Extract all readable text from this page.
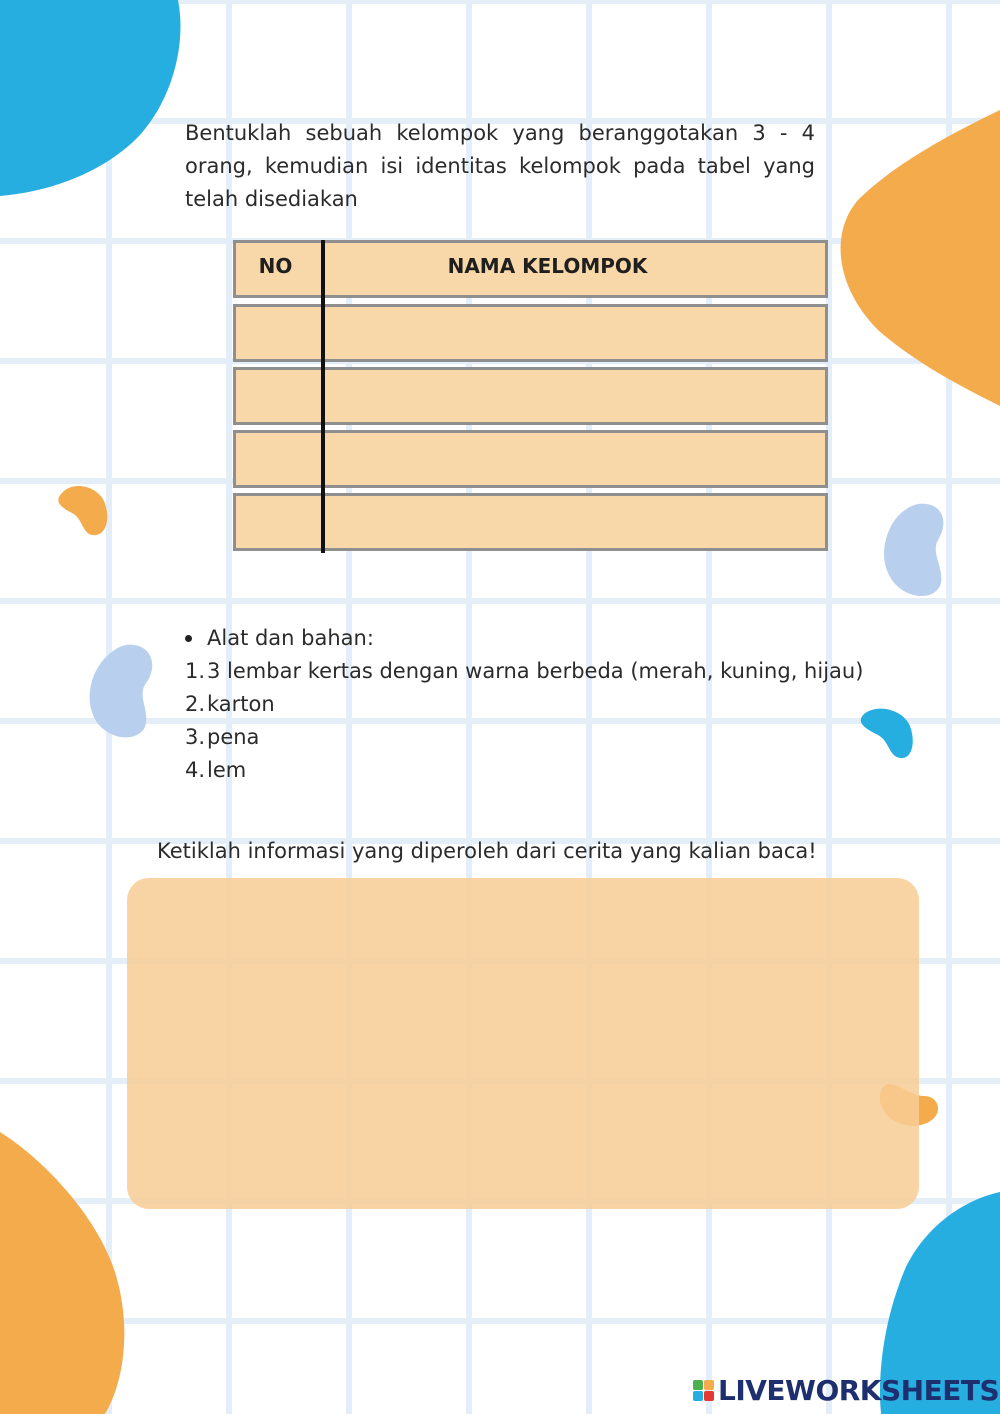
Bentuklah sebuah kelompok yang beranggotakan 3 - 4 orang, kemudian isi identitas kelompok pada tabel yang telah disediakan
NO	NAMA KELOMPOK
Alat dan bahan:
1. 3 lembar kertas dengan warna berbeda (merah, kuning, hijau)
2. karton
3. pena
4. lem
Ketiklah informasi yang diperoleh dari cerita yang kalian baca!
LIVEWORKSHEETS
